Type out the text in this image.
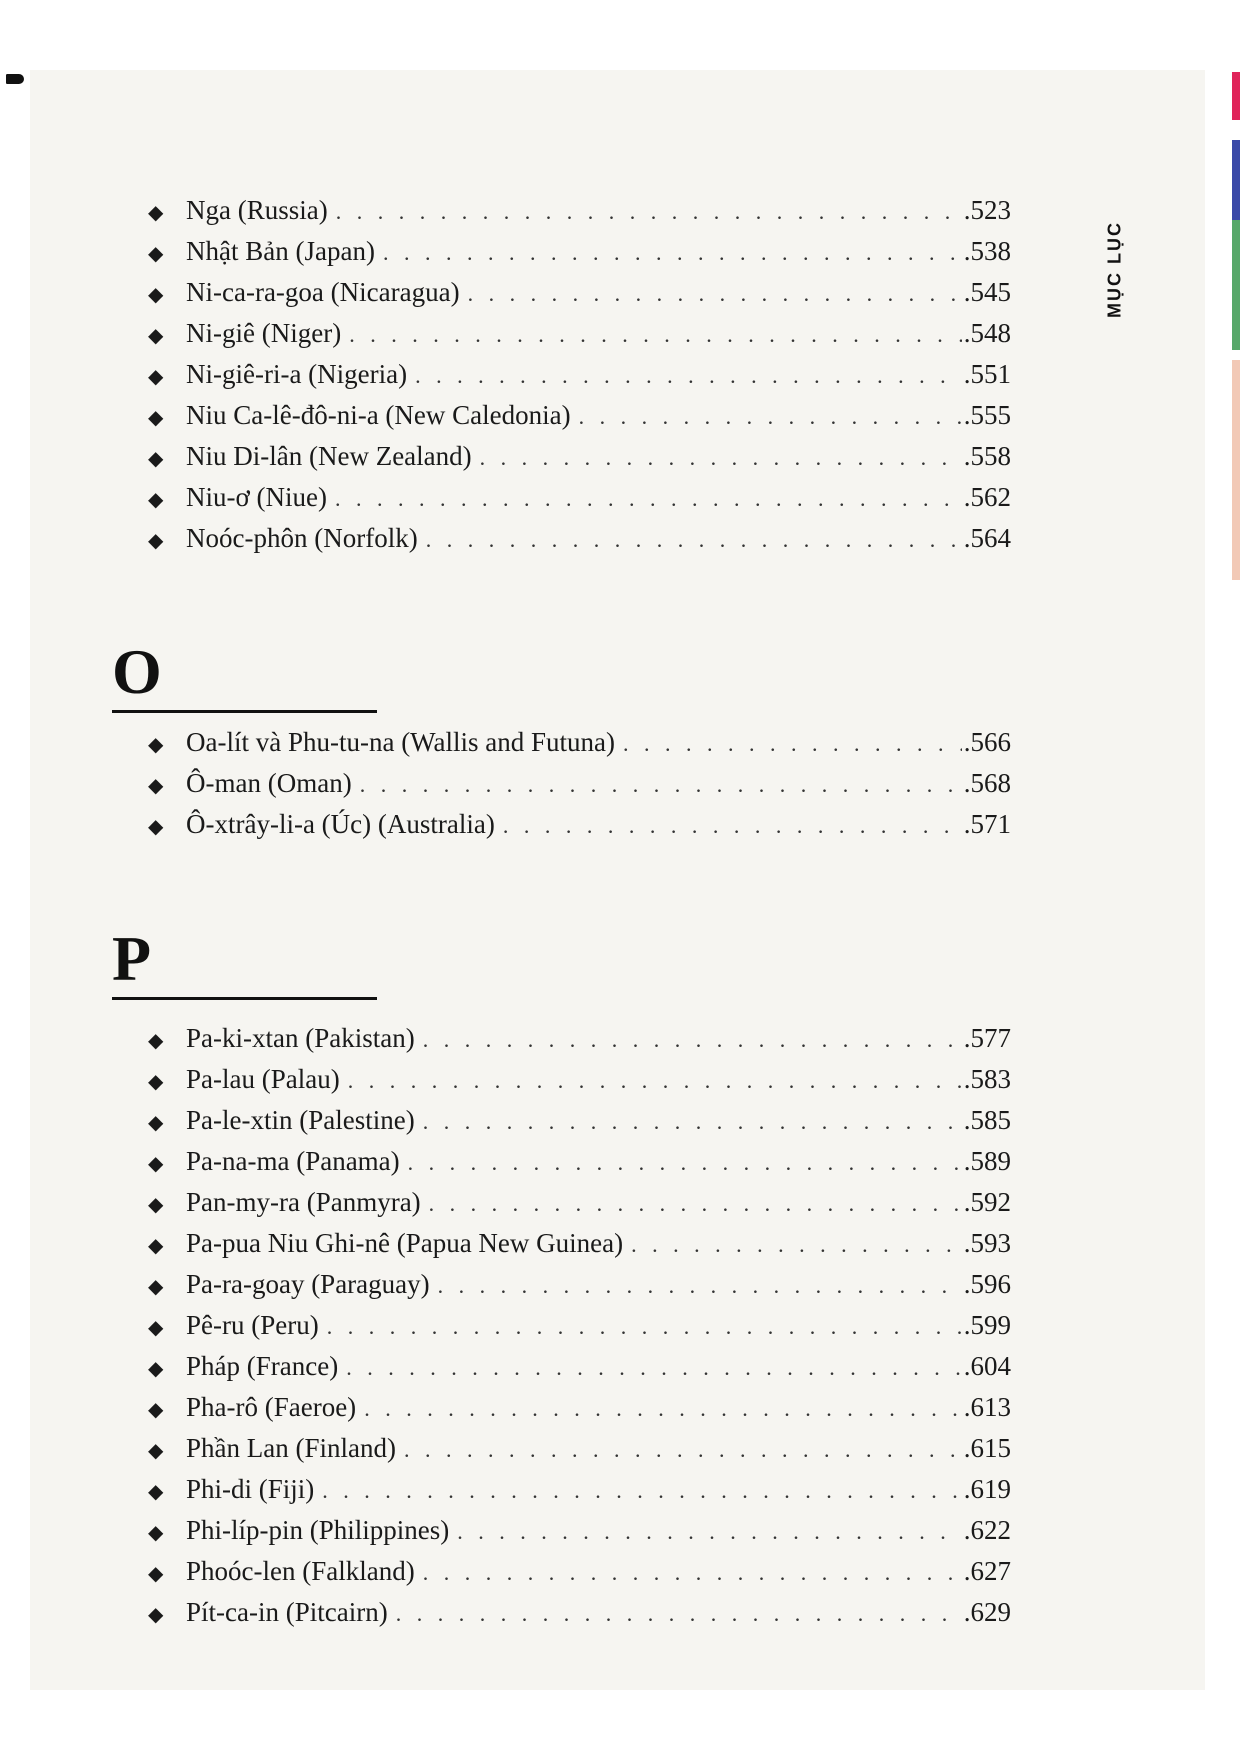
MỤC LỤC
◆ Nga (Russia) . . .	.523
◆ Nhật Bản (Japan) . . .	.538
◆ Ni-ca-ra-goa (Nicaragua) . . .	.545
◆ Ni-giê (Niger) . . .	.548
◆ Ni-giê-ri-a (Nigeria) . . .	.551
◆ Niu Ca-lê-đô-ni-a (New Caledonia) . . .	.555
◆ Niu Di-lân (New Zealand) . . .	.558
◆ Niu-ơ (Niue) . . .	.562
◆ Noóc-phôn (Norfolk) . . .	.564
O
◆ Oa-lít và Phu-tu-na (Wallis and Futuna) . . .	.566
◆ Ô-man (Oman) . . .	.568
◆ Ô-xtrây-li-a (Úc) (Australia) . . .	.571
P
◆ Pa-ki-xtan (Pakistan) . . .	.577
◆ Pa-lau (Palau) . . .	.583
◆ Pa-le-xtin (Palestine) . . .	.585
◆ Pa-na-ma (Panama) . . .	.589
◆ Pan-my-ra (Panmyra) . . .	.592
◆ Pa-pua Niu Ghi-nê (Papua New Guinea) . . .	.593
◆ Pa-ra-goay (Paraguay) . . .	.596
◆ Pê-ru (Peru) . . .	.599
◆ Pháp (France) . . .	.604
◆ Pha-rô (Faeroe) . . .	.613
◆ Phần Lan (Finland) . . .	.615
◆ Phi-di (Fiji) . . .	.619
◆ Phi-líp-pin (Philippines) . . .	.622
◆ Phoóc-len (Falkland) . . .	.627
◆ Pít-ca-in (Pitcairn) . . .	.629
